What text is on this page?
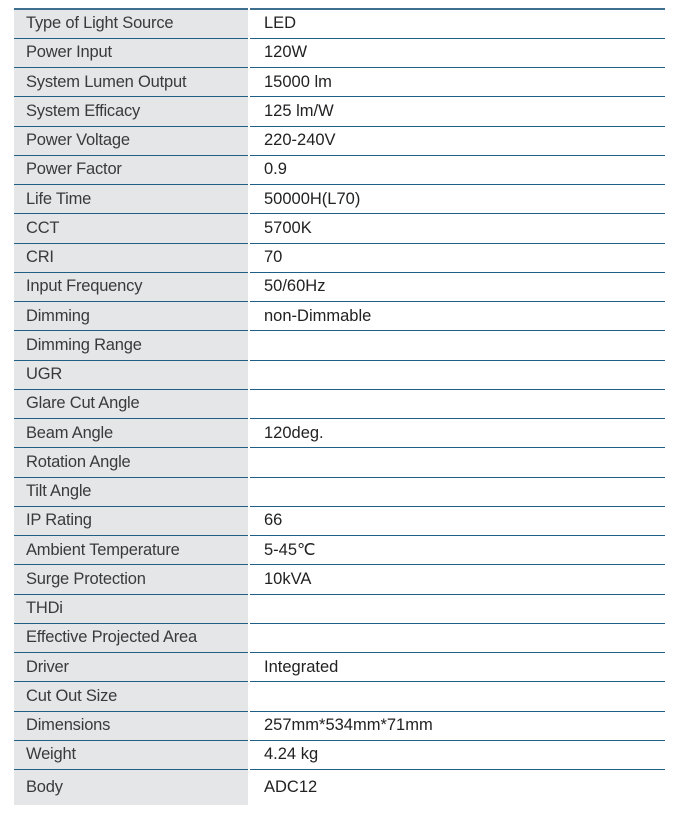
Type of Light Source	LED
Power Input	120W
System Lumen Output	15000 lm
System Efficacy	125 lm/W
Power Voltage	220-240V
Power Factor	0.9
Life Time	50000H(L70)
CCT	5700K
CRI	70
Input Frequency	50/60Hz
Dimming	non-Dimmable
Dimming Range	
UGR	
Glare Cut Angle	
Beam Angle	120deg.
Rotation Angle	
Tilt Angle	
IP Rating	66
Ambient Temperature	5-45℃
Surge Protection	10kVA
THDi	
Effective Projected Area	
Driver	Integrated
Cut Out Size	
Dimensions	257mm*534mm*71mm
Weight	4.24 kg
Body	ADC12
